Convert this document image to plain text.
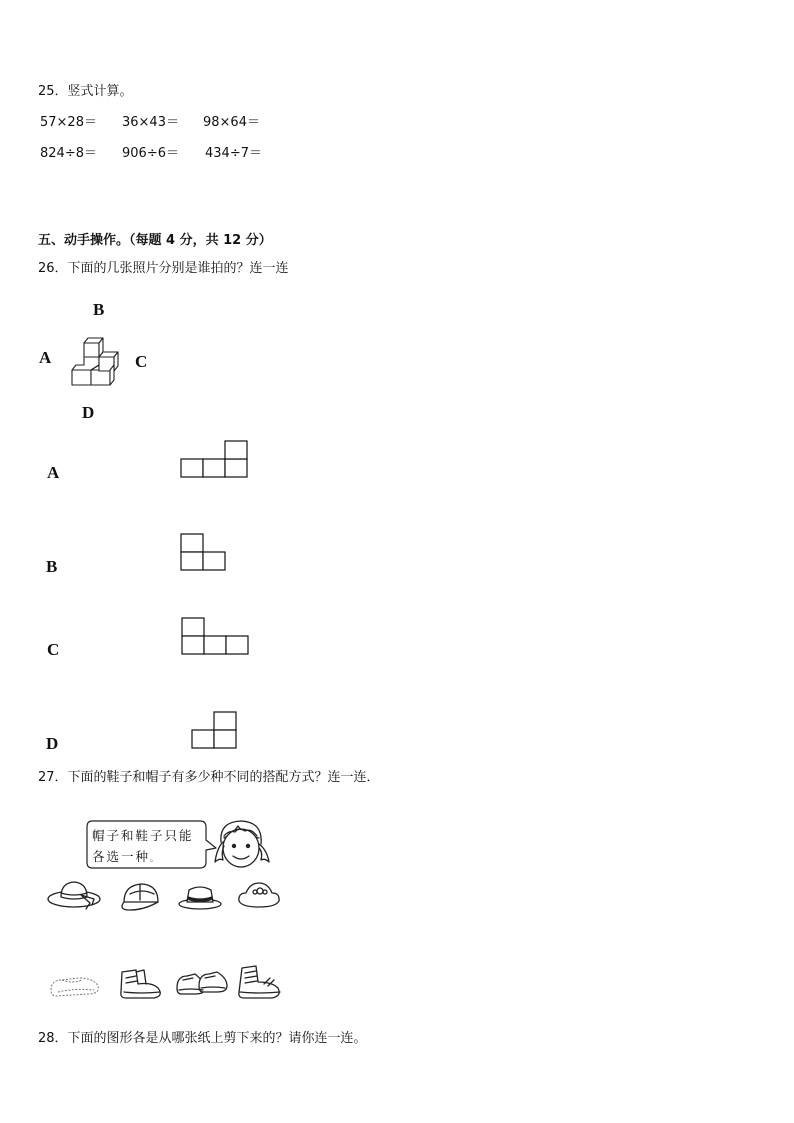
25．竖式计算。
57×28＝ 36×43＝ 98×64＝
824÷8＝ 906÷6＝ 434÷7＝
五、动手操作。（每题 4 分，共 12 分）
26．下面的几张照片分别是谁拍的？连一连
B
A	C
D
A
B
C
D
27．下面的鞋子和帽子有多少种不同的搭配方式？连一连．
帽子和鞋子只能
各选一种。
28．下面的图形各是从哪张纸上剪下来的？请你连一连。
